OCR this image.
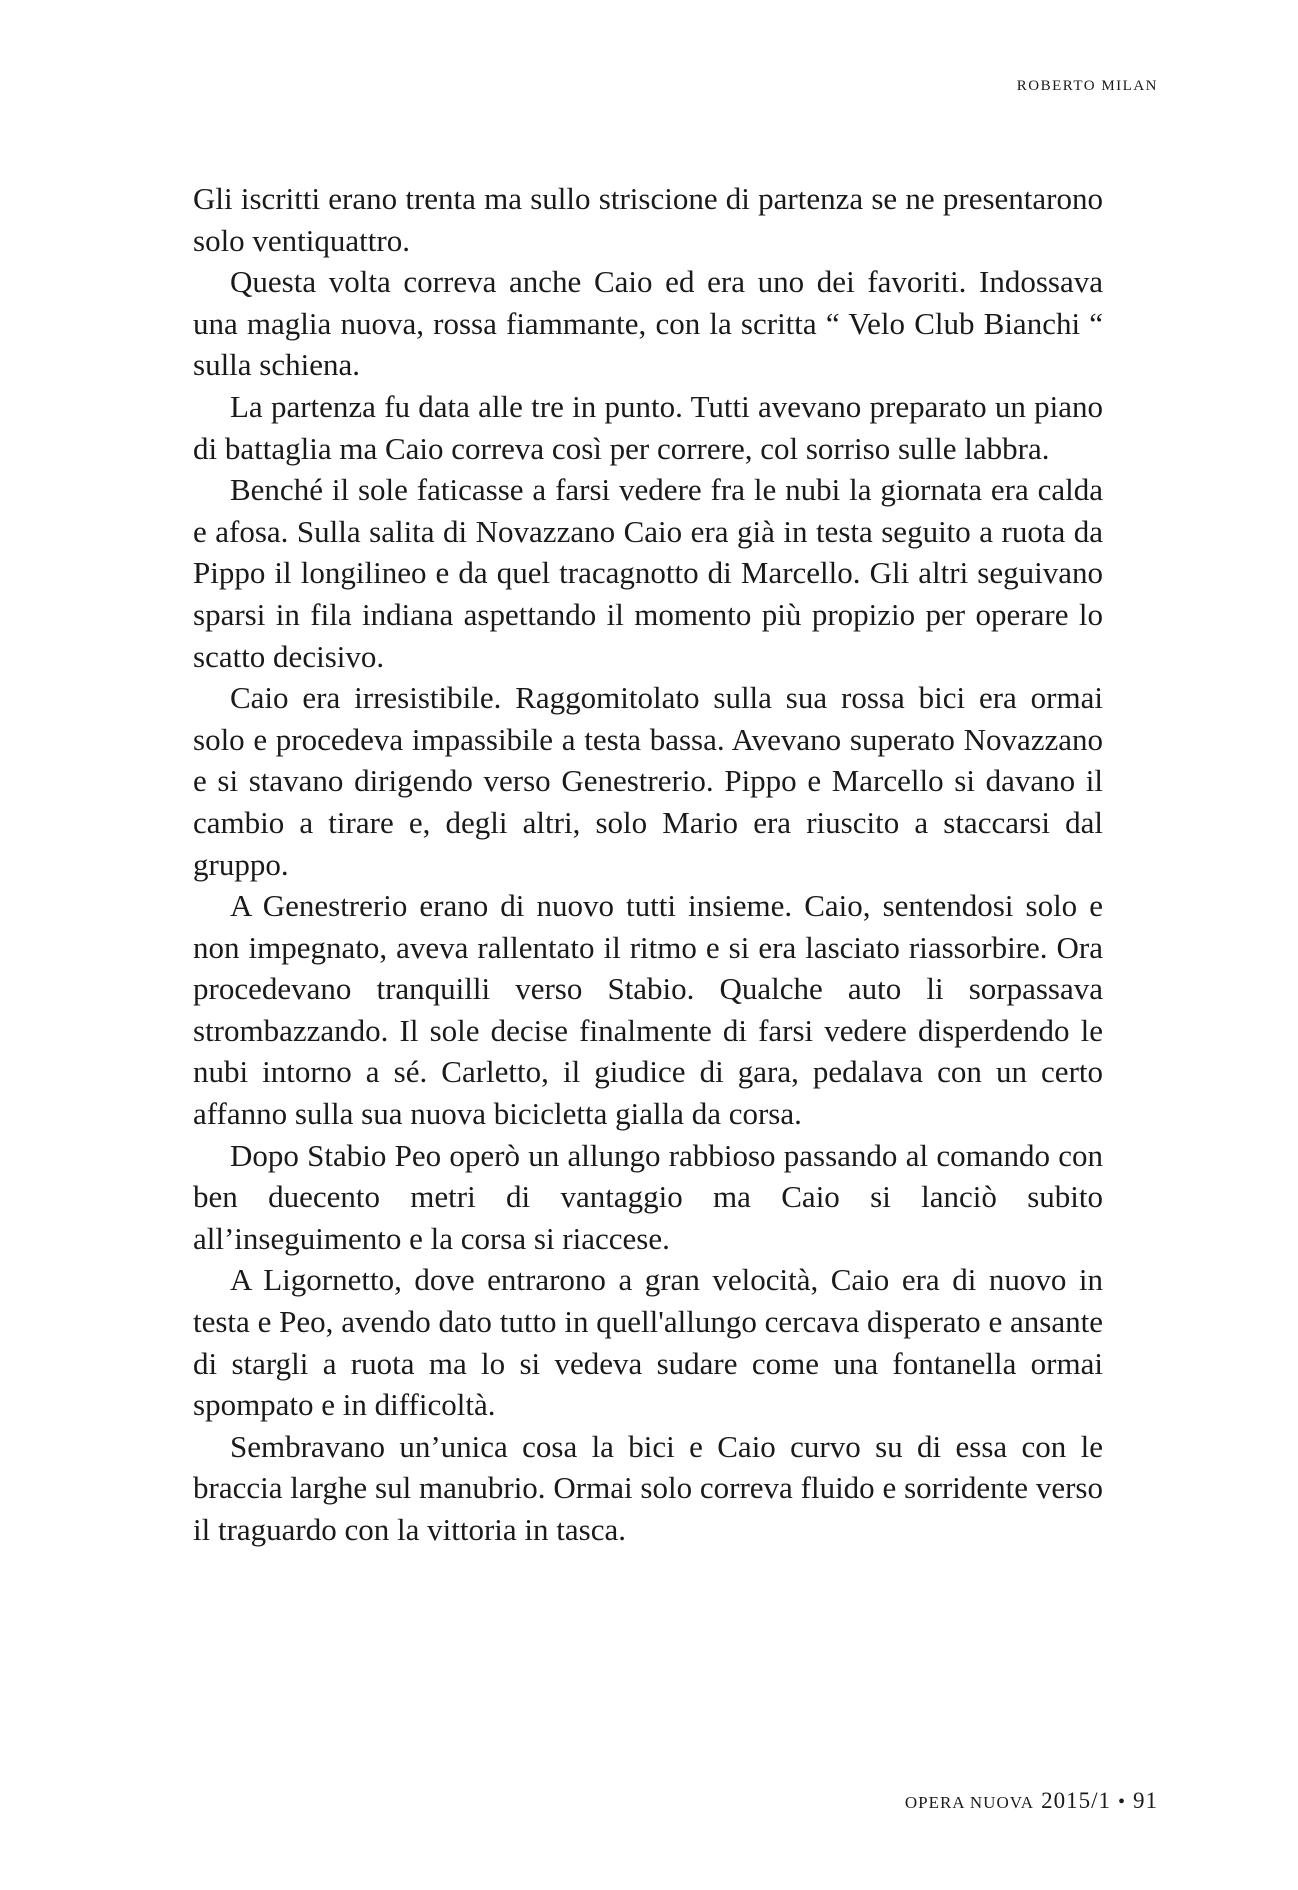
ROBERTO MILAN

Gli iscritti erano trenta ma sullo striscione di partenza se ne presentarono solo ventiquattro.

Questa volta correva anche Caio ed era uno dei favoriti. Indossava una maglia nuova, rossa fiammante, con la scritta “ Velo Club Bianchi “ sulla schiena.

La partenza fu data alle tre in punto. Tutti avevano preparato un piano di battaglia ma Caio correva così per correre, col sorriso sulle labbra.

Benché il sole faticasse a farsi vedere fra le nubi la giornata era calda e afosa. Sulla salita di Novazzano Caio era già in testa seguito a ruota da Pippo il longilineo e da quel tracagnotto di Marcello. Gli altri seguivano sparsi in fila indiana aspettando il momento più propizio per operare lo scatto decisivo.

Caio era irresistibile. Raggomitolato sulla sua rossa bici era ormai solo e procedeva impassibile a testa bassa. Avevano superato Novazzano e si stavano dirigendo verso Genestrerio. Pippo e Marcello si davano il cambio a tirare e, degli altri, solo Mario era riuscito a staccarsi dal gruppo.

A Genestrerio erano di nuovo tutti insieme. Caio, sentendosi solo e non impegnato, aveva rallentato il ritmo e si era lasciato riassorbire. Ora procedevano tranquilli verso Stabio. Qualche auto li sorpassava strombazzando. Il sole decise finalmente di farsi vedere disperdendo le nubi intorno a sé. Carletto, il giudice di gara, pedalava con un certo affanno sulla sua nuova bicicletta gialla da corsa.

Dopo Stabio Peo operò un allungo rabbioso passando al comando con ben duecento metri di vantaggio ma Caio si lanciò subito all’inseguimento e la corsa si riaccese.

A Ligornetto, dove entrarono a gran velocità, Caio era di nuovo in testa e Peo, avendo dato tutto in quell'allungo cercava disperato e ansante di stargli a ruota ma lo si vedeva sudare come una fontanella ormai spompato e in difficoltà.

Sembravano un’unica cosa la bici e Caio curvo su di essa con le braccia larghe sul manubrio. Ormai solo correva fluido e sorridente verso il traguardo con la vittoria in tasca.

OPERA NUOVA 2015/1 • 91
